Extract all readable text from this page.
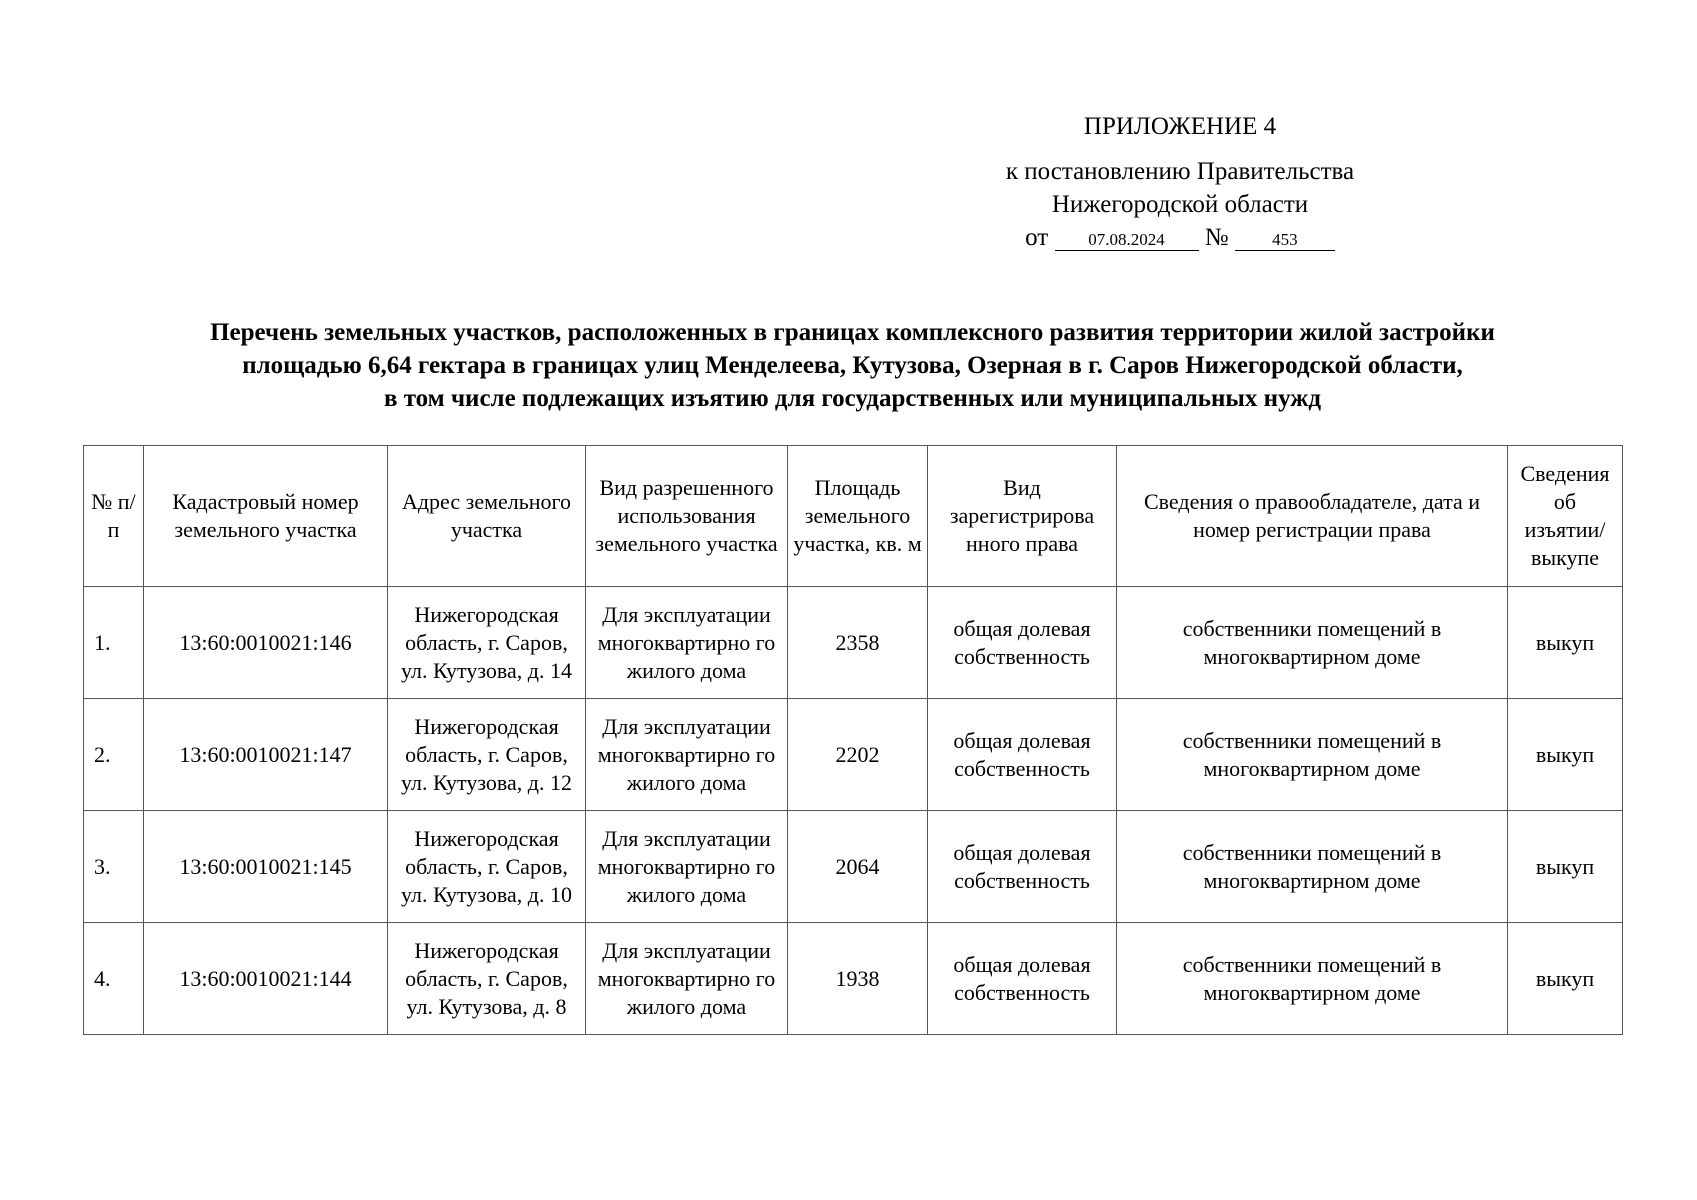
ПРИЛОЖЕНИЕ 4
к постановлению Правительства
Нижегородской области
от 07.08.2024 №	453
Перечень земельных участков, расположенных в границах комплексного развития территории жилой застройки
площадью 6,64 гектара в границах улиц Менделеева, Кутузова, Озерная в г. Саров Нижегородской области,
в том числе подлежащих изъятию для государственных или муниципальных нужд
№ п/п	Кадастровый номер земельного участка	Адрес земельного участка	Вид разрешенного использования земельного участка	Площадь земельного участка, кв. м	Вид зарегистрирова нного права	Сведения о правообладателе, дата и номер регистрации права	Сведения об изъятии/ выкупе
1.	13:60:0010021:146	Нижегородская область, г. Саров, ул. Кутузова, д. 14	Для эксплуатации многоквартирно го жилого дома	2358	общая долевая собственность	собственники помещений в многоквартирном доме	выкуп
2.	13:60:0010021:147	Нижегородская область, г. Саров, ул. Кутузова, д. 12	Для эксплуатации многоквартирно го жилого дома	2202	общая долевая собственность	собственники помещений в многоквартирном доме	выкуп
3.	13:60:0010021:145	Нижегородская область, г. Саров, ул. Кутузова, д. 10	Для эксплуатации многоквартирно го жилого дома	2064	общая долевая собственность	собственники помещений в многоквартирном доме	выкуп
4.	13:60:0010021:144	Нижегородская область, г. Саров, ул. Кутузова, д. 8	Для эксплуатации многоквартирно го жилого дома	1938	общая долевая собственность	собственники помещений в многоквартирном доме	выкуп
